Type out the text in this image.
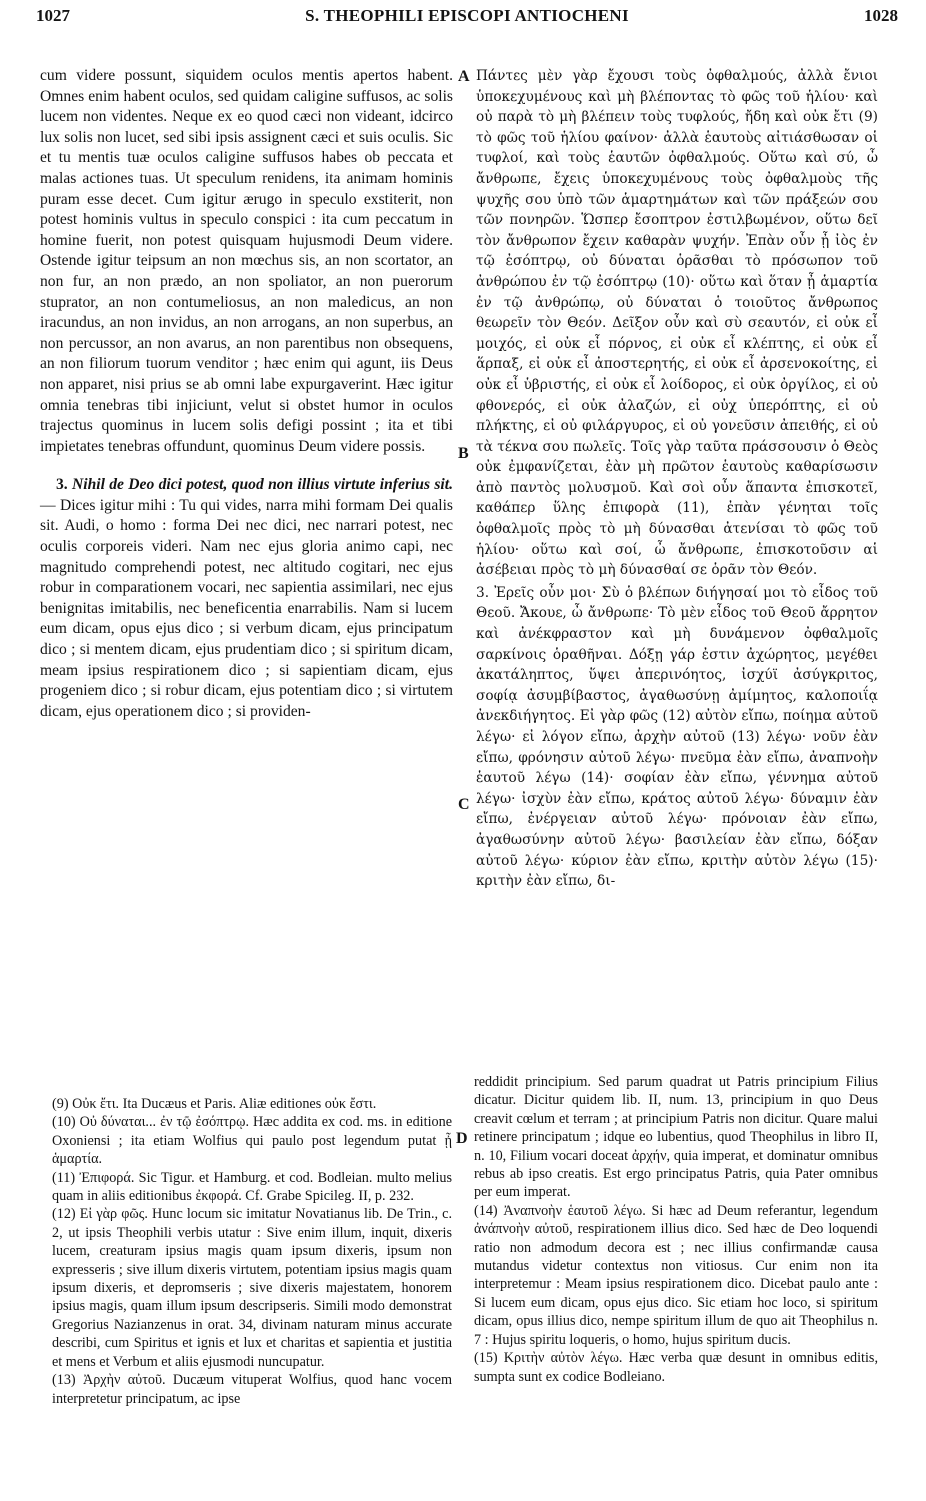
S. THEOPHILI EPISCOPI ANTIOCHENI
1027	1028

cum videre possunt, siquidem oculos mentis apertos habent. Omnes enim habent oculos, sed quidam caligine suffusos, ac solis lucem non videntes. Neque ex eo quod cæci non videant, idcirco lux solis non lucet, sed sibi ipsis assignent cæci et suis oculis. Sic et tu mentis tuæ oculos caligine suffusos habes ob peccata et malas actiones tuas. Ut speculum renidens, ita animam hominis puram esse decet. Cum igitur ærugo in speculo exstiterit, non potest hominis vultus in speculo conspici : ita cum peccatum in homine fuerit, non potest quisquam hujusmodi Deum videre. Ostende igitur teipsum an non mœchus sis, an non scortator, an non fur, an non prædo, an non spoliator, an non puerorum stuprator, an non contumeliosus, an non maledicus, an non iracundus, an non invidus, an non arrogans, an non superbus, an non percussor, an non avarus, an non parentibus non obsequens, an non filiorum tuorum venditor ; hæc enim qui agunt, iis Deus non apparet, nisi prius se ab omni labe expurgaverint. Hæc igitur omnia tenebras tibi injiciunt, velut si obstet humor in oculos trajectus quominus in lucem solis defigi possint ; ita et tibi impietates tenebras offundunt, quominus Deum videre possis.

3. Nihil de Deo dici potest, quod non illius virtute inferius sit. — Dices igitur mihi : Tu qui vides, narra mihi formam Dei qualis sit. Audi, o homo : forma Dei nec dici, nec narrari potest, nec oculis corporeis videri. Nam nec ejus gloria animo capi, nec magnitudo comprehendi potest, nec altitudo cogitari, nec ejus robur in comparationem vocari, nec sapientia assimilari, nec ejus benignitas imitabilis, nec beneficentia enarrabilis. Nam si lucem eum dicam, opus ejus dico ; si verbum dicam, ejus principatum dico ; si mentem dicam, ejus prudentiam dico ; si spiritum dicam, meam ipsius respirationem dico ; si sapientiam dicam, ejus progeniem dico ; si robur dicam, ejus potentiam dico ; si virtutem dicam, ejus operationem dico ; si providen-

A
B
C
D

Πάντες μὲν γὰρ ἔχουσι τοὺς ὀφθαλμούς, ἀλλὰ ἔνιοι ὑποκεχυμένους καὶ μὴ βλέποντας τὸ φῶς τοῦ ἡλίου· καὶ οὐ παρὰ τὸ μὴ βλέπειν τοὺς τυφλούς, ἤδη καὶ οὐκ ἔτι (9) τὸ φῶς τοῦ ἡλίου φαίνον· ἀλλὰ ἑαυτοὺς αἰτιάσθωσαν οἱ τυφλοί, καὶ τοὺς ἑαυτῶν ὀφθαλμούς. Οὕτω καὶ σύ, ὦ ἄνθρωπε, ἔχεις ὑποκεχυμένους τοὺς ὀφθαλμοὺς τῆς ψυχῆς σου ὑπὸ τῶν ἁμαρτημάτων καὶ τῶν πράξεών σου τῶν πονηρῶν. Ὥσπερ ἔσοπτρον ἐστιλβωμένον, οὕτω δεῖ τὸν ἄνθρωπον ἔχειν καθαρὰν ψυχήν. Ἐπὰν οὖν ᾖ ἰὸς ἐν τῷ ἐσόπτρῳ, οὐ δύναται ὁρᾶσθαι τὸ πρόσωπον τοῦ ἀνθρώπου ἐν τῷ ἐσόπτρῳ (10)· οὕτω καὶ ὅταν ᾖ ἁμαρτία ἐν τῷ ἀνθρώπῳ, οὐ δύναται ὁ τοιοῦτος ἄνθρωπος θεωρεῖν τὸν Θεόν. Δεῖξον οὖν καὶ σὺ σεαυτόν, εἰ οὐκ εἶ μοιχός, εἰ οὐκ εἶ πόρνος, εἰ οὐκ εἶ κλέπτης, εἰ οὐκ εἶ ἅρπαξ, εἰ οὐκ εἶ ἀποστερητής, εἰ οὐκ εἶ ἀρσενοκοίτης, εἰ οὐκ εἶ ὑβριστής, εἰ οὐκ εἶ λοίδορος, εἰ οὐκ ὀργίλος, εἰ οὐ φθονερός, εἰ οὐκ ἀλαζών, εἰ οὐχ ὑπερόπτης, εἰ οὐ πλήκτης, εἰ οὐ φιλάργυρος, εἰ οὐ γονεῦσιν ἀπειθής, εἰ οὐ τὰ τέκνα σου πωλεῖς. Τοῖς γὰρ ταῦτα πράσσουσιν ὁ Θεὸς οὐκ ἐμφανίζεται, ἐὰν μὴ πρῶτον ἑαυτοὺς καθαρίσωσιν ἀπὸ παντὸς μολυσμοῦ. Καὶ σοὶ οὖν ἅπαντα ἐπισκοτεῖ, καθάπερ ὕλης ἐπιφορὰ (11), ἐπὰν γένηται τοῖς ὀφθαλμοῖς πρὸς τὸ μὴ δύνασθαι ἀτενίσαι τὸ φῶς τοῦ ἡλίου· οὕτω καὶ σοί, ὦ ἄνθρωπε, ἐπισκοτοῦσιν αἱ ἀσέβειαι πρὸς τὸ μὴ δύνασθαί σε ὁρᾶν τὸν Θεόν.

3. Ἐρεῖς οὖν μοι· Σὺ ὁ βλέπων διήγησαί μοι τὸ εἶδος τοῦ Θεοῦ. Ἄκουε, ὦ ἄνθρωπε· Τὸ μὲν εἶδος τοῦ Θεοῦ ἄρρητον καὶ ἀνέκφραστον καὶ μὴ δυνάμενον ὀφθαλμοῖς σαρκίνοις ὁραθῆναι. Δόξῃ γάρ ἐστιν ἀχώρητος, μεγέθει ἀκατάληπτος, ὕψει ἀπερινόητος, ἰσχύϊ ἀσύγκριτος, σοφίᾳ ἀσυμβίβαστος, ἀγαθωσύνῃ ἀμίμητος, καλοποιΐᾳ ἀνεκδιήγητος. Εἰ γὰρ φῶς (12) αὐτὸν εἴπω, ποίημα αὐτοῦ λέγω· εἰ λόγον εἴπω, ἀρχὴν αὐτοῦ (13) λέγω· νοῦν ἐὰν εἴπω, φρόνησιν αὐτοῦ λέγω· πνεῦμα ἐὰν εἴπω, ἀναπνοὴν ἑαυτοῦ λέγω (14)· σοφίαν ἐὰν εἴπω, γέννημα αὐτοῦ λέγω· ἰσχὺν ἐὰν εἴπω, κράτος αὐτοῦ λέγω· δύναμιν ἐὰν εἴπω, ἐνέργειαν αὐτοῦ λέγω· πρόνοιαν ἐὰν εἴπω, ἀγαθωσύνην αὐτοῦ λέγω· βασιλείαν ἐὰν εἴπω, δόξαν αὐτοῦ λέγω· κύριον ἐὰν εἴπω, κριτὴν αὐτὸν λέγω (15)· κριτὴν ἐὰν εἴπω, δι-

(9) Οὐκ ἔτι. Ita Ducæus et Paris. Aliæ editiones οὐκ ἔστι.

(10) Οὐ δύναται... ἐν τῷ ἐσόπτρῳ. Hæc addita ex cod. ms. in editione Oxoniensi ; ita etiam Wolfius qui paulo post legendum putat ᾖ ἁμαρτία.

(11) Ἐπιφορά. Sic Tigur. et Hamburg. et cod. Bodleian. multo melius quam in aliis editionibus ἐκφορά. Cf. Grabe Spicileg. II, p. 232.

(12) Εἰ γὰρ φῶς. Hunc locum sic imitatur Novatianus lib. De Trin., c. 2, ut ipsis Theophili verbis utatur : Sive enim illum, inquit, dixeris lucem, creaturam ipsius magis quam ipsum dixeris, ipsum non expresseris ; sive illum dixeris virtutem, potentiam ipsius magis quam ipsum dixeris, et depromseris ; sive dixeris majestatem, honorem ipsius magis, quam illum ipsum descripseris. Simili modo demonstrat Gregorius Nazianzenus in orat. 34, divinam naturam minus accurate describi, cum Spiritus et ignis et lux et charitas et sapientia et justitia et mens et Verbum et aliis ejusmodi nuncupatur.

(13) Ἀρχὴν αὐτοῦ. Ducæum vituperat Wolfius, quod hanc vocem interpretetur principatum, ac ipse

reddidit principium. Sed parum quadrat ut Patris principium Filius dicatur. Dicitur quidem lib. II, num. 13, principium in quo Deus creavit cœlum et terram ; at principium Patris non dicitur. Quare malui retinere principatum ; idque eo lubentius, quod Theophilus in libro II, n. 10, Filium vocari doceat ἀρχήν, quia imperat, et dominatur omnibus rebus ab ipso creatis. Est ergo principatus Patris, quia Pater omnibus per eum imperat.

(14) Ἀναπνοὴν ἑαυτοῦ λέγω. Si hæc ad Deum referantur, legendum ἀνάπνοὴν αὐτοῦ, respirationem illius dico. Sed hæc de Deo loquendi ratio non admodum decora est ; nec illius confirmandæ causa mutandus videtur contextus non vitiosus. Cur enim non ita interpretemur : Meam ipsius respirationem dico. Dicebat paulo ante : Si lucem eum dicam, opus ejus dico. Sic etiam hoc loco, si spiritum dicam, opus illius dico, nempe spiritum illum de quo ait Theophilus n. 7 : Hujus spiritu loqueris, o homo, hujus spiritum ducis.

(15) Κριτὴν αὐτὸν λέγω. Hæc verba quæ desunt in omnibus editis, sumpta sunt ex codice Bodleiano.
